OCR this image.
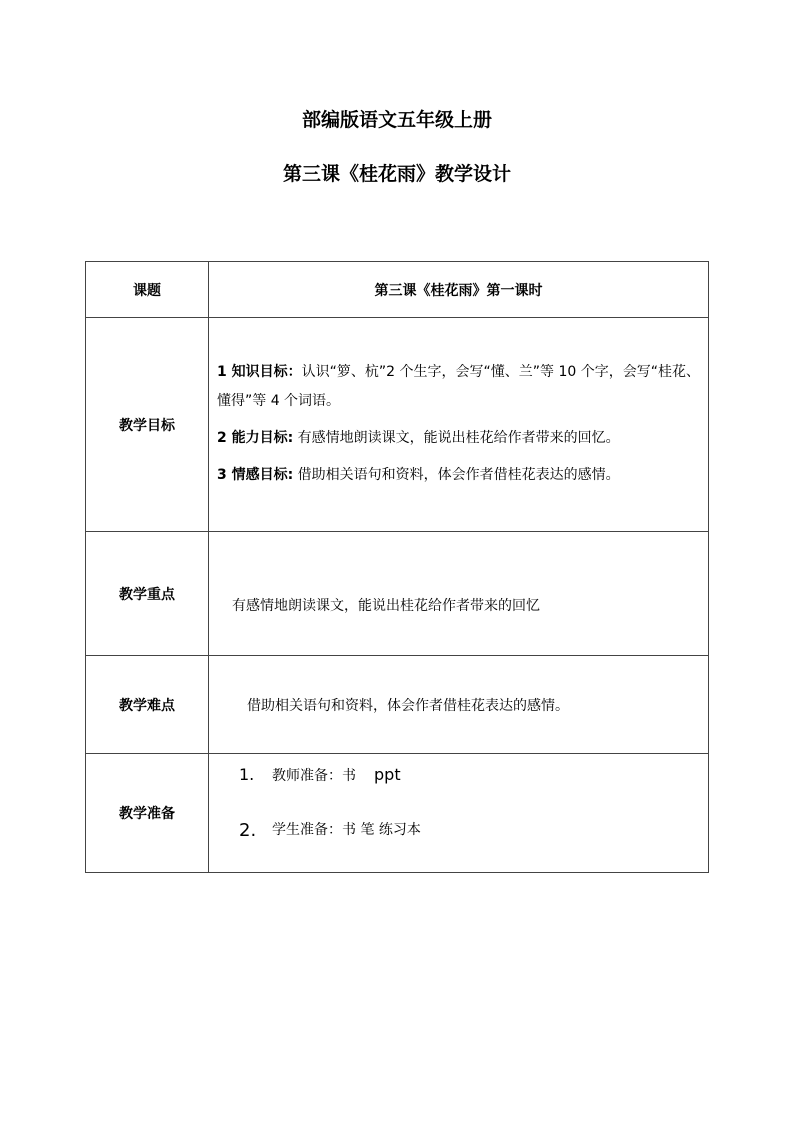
部编版语文五年级上册
第三课《桂花雨》教学设计
课题	第三课《桂花雨》第一课时
教学目标	1 知识目标：认识“箩、杭”2 个生字，会写“懂、兰”等 10 个字，会写“桂花、懂得”等 4 个词语。

2 能力目标: 有感情地朗读课文，能说出桂花给作者带来的回忆。

3 情感目标: 借助相关语句和资料，体会作者借桂花表达的感情。

教学重点	有感情地朗读课文，能说出桂花给作者带来的回忆

教学难点	借助相关语句和资料，体会作者借桂花表达的感情。

教学准备	1. 教师准备：书 ppt
2. 学生准备：书 笔 练习本
